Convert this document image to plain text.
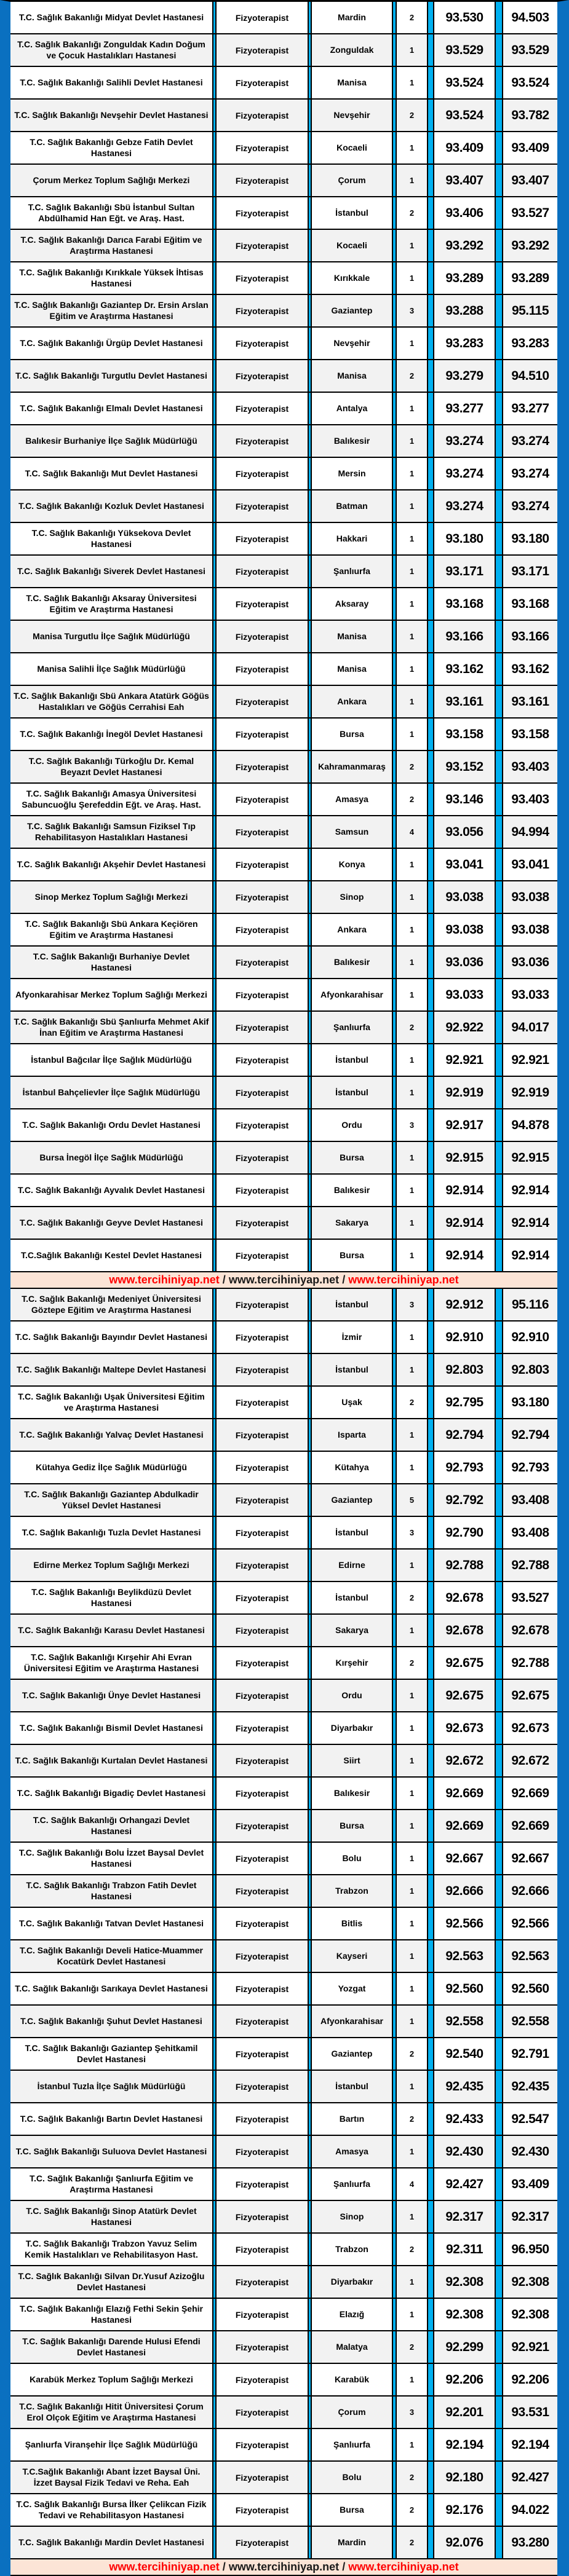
T.C. Sağlık Bakanlığı Midyat Devlet Hastanesi	Fizyoterapist	Mardin	2	93.530	94.503
T.C. Sağlık Bakanlığı Zonguldak Kadın Doğum ve Çocuk Hastalıkları Hastanesi	Fizyoterapist	Zonguldak	1	93.529	93.529
T.C. Sağlık Bakanlığı Salihli Devlet Hastanesi	Fizyoterapist	Manisa	1	93.524	93.524
T.C. Sağlık Bakanlığı Nevşehir Devlet Hastanesi	Fizyoterapist	Nevşehir	2	93.524	93.782
T.C. Sağlık Bakanlığı Gebze Fatih Devlet Hastanesi	Fizyoterapist	Kocaeli	1	93.409	93.409
Çorum Merkez Toplum Sağlığı Merkezi	Fizyoterapist	Çorum	1	93.407	93.407
T.C. Sağlık Bakanlığı Sbü İstanbul Sultan Abdülhamid Han Eğt. ve Araş. Hast.	Fizyoterapist	İstanbul	2	93.406	93.527
T.C. Sağlık Bakanlığı Darıca Farabi Eğitim ve Araştırma Hastanesi	Fizyoterapist	Kocaeli	1	93.292	93.292
T.C. Sağlık Bakanlığı Kırıkkale Yüksek İhtisas Hastanesi	Fizyoterapist	Kırıkkale	1	93.289	93.289
T.C. Sağlık Bakanlığı Gaziantep Dr. Ersin Arslan Eğitim ve Araştırma Hastanesi	Fizyoterapist	Gaziantep	3	93.288	95.115
T.C. Sağlık Bakanlığı Ürgüp Devlet Hastanesi	Fizyoterapist	Nevşehir	1	93.283	93.283
T.C. Sağlık Bakanlığı Turgutlu Devlet Hastanesi	Fizyoterapist	Manisa	2	93.279	94.510
T.C. Sağlık Bakanlığı Elmalı Devlet Hastanesi	Fizyoterapist	Antalya	1	93.277	93.277
Balıkesir Burhaniye İlçe Sağlık Müdürlüğü	Fizyoterapist	Balıkesir	1	93.274	93.274
T.C. Sağlık Bakanlığı Mut Devlet Hastanesi	Fizyoterapist	Mersin	1	93.274	93.274
T.C. Sağlık Bakanlığı Kozluk Devlet Hastanesi	Fizyoterapist	Batman	1	93.274	93.274
T.C. Sağlık Bakanlığı Yüksekova Devlet Hastanesi	Fizyoterapist	Hakkari	1	93.180	93.180
T.C. Sağlık Bakanlığı Siverek Devlet Hastanesi	Fizyoterapist	Şanlıurfa	1	93.171	93.171
T.C. Sağlık Bakanlığı Aksaray Üniversitesi Eğitim ve Araştırma Hastanesi	Fizyoterapist	Aksaray	1	93.168	93.168
Manisa Turgutlu İlçe Sağlık Müdürlüğü	Fizyoterapist	Manisa	1	93.166	93.166
Manisa Salihli İlçe Sağlık Müdürlüğü	Fizyoterapist	Manisa	1	93.162	93.162
T.C. Sağlık Bakanlığı Sbü Ankara Atatürk Göğüs Hastalıkları ve Göğüs Cerrahisi Eah	Fizyoterapist	Ankara	1	93.161	93.161
T.C. Sağlık Bakanlığı İnegöl Devlet Hastanesi	Fizyoterapist	Bursa	1	93.158	93.158
T.C. Sağlık Bakanlığı Türkoğlu Dr. Kemal Beyazıt Devlet Hastanesi	Fizyoterapist	Kahramanmaraş	2	93.152	93.403
T.C. Sağlık Bakanlığı Amasya Üniversitesi Sabuncuoğlu Şerefeddin Eğt. ve Araş. Hast.	Fizyoterapist	Amasya	2	93.146	93.403
T.C. Sağlık Bakanlığı Samsun Fiziksel Tıp Rehabilitasyon Hastalıkları Hastanesi	Fizyoterapist	Samsun	4	93.056	94.994
T.C. Sağlık Bakanlığı Akşehir Devlet Hastanesi	Fizyoterapist	Konya	1	93.041	93.041
Sinop Merkez Toplum Sağlığı Merkezi	Fizyoterapist	Sinop	1	93.038	93.038
T.C. Sağlık Bakanlığı Sbü Ankara Keçiören Eğitim ve Araştırma Hastanesi	Fizyoterapist	Ankara	1	93.038	93.038
T.C. Sağlık Bakanlığı Burhaniye Devlet Hastanesi	Fizyoterapist	Balıkesir	1	93.036	93.036
Afyonkarahisar Merkez Toplum Sağlığı Merkezi	Fizyoterapist	Afyonkarahisar	1	93.033	93.033
T.C. Sağlık Bakanlığı Sbü Şanlıurfa Mehmet Akif İnan Eğitim ve Araştırma Hastanesi	Fizyoterapist	Şanlıurfa	2	92.922	94.017
İstanbul Bağcılar İlçe Sağlık Müdürlüğü	Fizyoterapist	İstanbul	1	92.921	92.921
İstanbul Bahçelievler İlçe Sağlık Müdürlüğü	Fizyoterapist	İstanbul	1	92.919	92.919
T.C. Sağlık Bakanlığı Ordu Devlet Hastanesi	Fizyoterapist	Ordu	3	92.917	94.878
Bursa İnegöl İlçe Sağlık Müdürlüğü	Fizyoterapist	Bursa	1	92.915	92.915
T.C. Sağlık Bakanlığı Ayvalık Devlet Hastanesi	Fizyoterapist	Balıkesir	1	92.914	92.914
T.C. Sağlık Bakanlığı Geyve Devlet Hastanesi	Fizyoterapist	Sakarya	1	92.914	92.914
T.C.Sağlık Bakanlığı Kestel Devlet Hastanesi	Fizyoterapist	Bursa	1	92.914	92.914
www.tercihiniyap.net / www.tercihiniyap.net / www.tercihiniyap.net
T.C. Sağlık Bakanlığı Medeniyet Üniversitesi Göztepe Eğitim ve Araştırma Hastanesi	Fizyoterapist	İstanbul	3	92.912	95.116
T.C. Sağlık Bakanlığı Bayındır Devlet Hastanesi	Fizyoterapist	İzmir	1	92.910	92.910
T.C. Sağlık Bakanlığı Maltepe Devlet Hastanesi	Fizyoterapist	İstanbul	1	92.803	92.803
T.C. Sağlık Bakanlığı Uşak Üniversitesi Eğitim ve Araştırma Hastanesi	Fizyoterapist	Uşak	2	92.795	93.180
T.C. Sağlık Bakanlığı Yalvaç Devlet Hastanesi	Fizyoterapist	Isparta	1	92.794	92.794
Kütahya Gediz İlçe Sağlık Müdürlüğü	Fizyoterapist	Kütahya	1	92.793	92.793
T.C. Sağlık Bakanlığı Gaziantep Abdulkadir Yüksel Devlet Hastanesi	Fizyoterapist	Gaziantep	5	92.792	93.408
T.C. Sağlık Bakanlığı Tuzla Devlet Hastanesi	Fizyoterapist	İstanbul	3	92.790	93.408
Edirne Merkez Toplum Sağlığı Merkezi	Fizyoterapist	Edirne	1	92.788	92.788
T.C. Sağlık Bakanlığı Beylikdüzü Devlet Hastanesi	Fizyoterapist	İstanbul	2	92.678	93.527
T.C. Sağlık Bakanlığı Karasu Devlet Hastanesi	Fizyoterapist	Sakarya	1	92.678	92.678
T.C. Sağlık Bakanlığı Kırşehir Ahi Evran Üniversitesi Eğitim ve Araştırma Hastanesi	Fizyoterapist	Kırşehir	2	92.675	92.788
T.C. Sağlık Bakanlığı Ünye Devlet Hastanesi	Fizyoterapist	Ordu	1	92.675	92.675
T.C. Sağlık Bakanlığı Bismil Devlet Hastanesi	Fizyoterapist	Diyarbakır	1	92.673	92.673
T.C. Sağlık Bakanlığı Kurtalan Devlet Hastanesi	Fizyoterapist	Siirt	1	92.672	92.672
T.C. Sağlık Bakanlığı Bigadiç Devlet Hastanesi	Fizyoterapist	Balıkesir	1	92.669	92.669
T.C. Sağlık Bakanlığı Orhangazi Devlet Hastanesi	Fizyoterapist	Bursa	1	92.669	92.669
T.C. Sağlık Bakanlığı Bolu İzzet Baysal Devlet Hastanesi	Fizyoterapist	Bolu	1	92.667	92.667
T.C. Sağlık Bakanlığı Trabzon Fatih Devlet Hastanesi	Fizyoterapist	Trabzon	1	92.666	92.666
T.C. Sağlık Bakanlığı Tatvan Devlet Hastanesi	Fizyoterapist	Bitlis	1	92.566	92.566
T.C. Sağlık Bakanlığı Develi Hatice-Muammer Kocatürk Devlet Hastanesi	Fizyoterapist	Kayseri	1	92.563	92.563
T.C. Sağlık Bakanlığı Sarıkaya Devlet Hastanesi	Fizyoterapist	Yozgat	1	92.560	92.560
T.C. Sağlık Bakanlığı Şuhut Devlet Hastanesi	Fizyoterapist	Afyonkarahisar	1	92.558	92.558
T.C. Sağlık Bakanlığı Gaziantep Şehitkamil Devlet Hastanesi	Fizyoterapist	Gaziantep	2	92.540	92.791
İstanbul Tuzla İlçe Sağlık Müdürlüğü	Fizyoterapist	İstanbul	1	92.435	92.435
T.C. Sağlık Bakanlığı Bartın Devlet Hastanesi	Fizyoterapist	Bartın	2	92.433	92.547
T.C. Sağlık Bakanlığı Suluova Devlet Hastanesi	Fizyoterapist	Amasya	1	92.430	92.430
T.C. Sağlık Bakanlığı Şanlıurfa Eğitim ve Araştırma Hastanesi	Fizyoterapist	Şanlıurfa	4	92.427	93.409
T.C. Sağlık Bakanlığı Sinop Atatürk Devlet Hastanesi	Fizyoterapist	Sinop	1	92.317	92.317
T.C. Sağlık Bakanlığı Trabzon Yavuz Selim Kemik Hastalıkları ve Rehabilitasyon Hast.	Fizyoterapist	Trabzon	2	92.311	96.950
T.C. Sağlık Bakanlığı Silvan Dr.Yusuf Azizoğlu Devlet Hastanesi	Fizyoterapist	Diyarbakır	1	92.308	92.308
T.C. Sağlık Bakanlığı Elazığ Fethi Sekin Şehir Hastanesi	Fizyoterapist	Elazığ	1	92.308	92.308
T.C. Sağlık Bakanlığı Darende Hulusi Efendi Devlet Hastanesi	Fizyoterapist	Malatya	2	92.299	92.921
Karabük Merkez Toplum Sağlığı Merkezi	Fizyoterapist	Karabük	1	92.206	92.206
T.C. Sağlık Bakanlığı Hitit Üniversitesi Çorum Erol Olçok Eğitim ve Araştırma Hastanesi	Fizyoterapist	Çorum	3	92.201	93.531
Şanlıurfa Viranşehir İlçe Sağlık Müdürlüğü	Fizyoterapist	Şanlıurfa	1	92.194	92.194
T.C.Sağlık Bakanlığı Abant İzzet Baysal Üni. İzzet Baysal Fizik Tedavi ve Reha. Eah	Fizyoterapist	Bolu	2	92.180	92.427
T.C. Sağlık Bakanlığı Bursa İlker Çelikcan Fizik Tedavi ve Rehabilitasyon Hastanesi	Fizyoterapist	Bursa	2	92.176	94.022
T.C. Sağlık Bakanlığı Mardin Devlet Hastanesi	Fizyoterapist	Mardin	2	92.076	93.280
www.tercihiniyap.net / www.tercihiniyap.net / www.tercihiniyap.net
